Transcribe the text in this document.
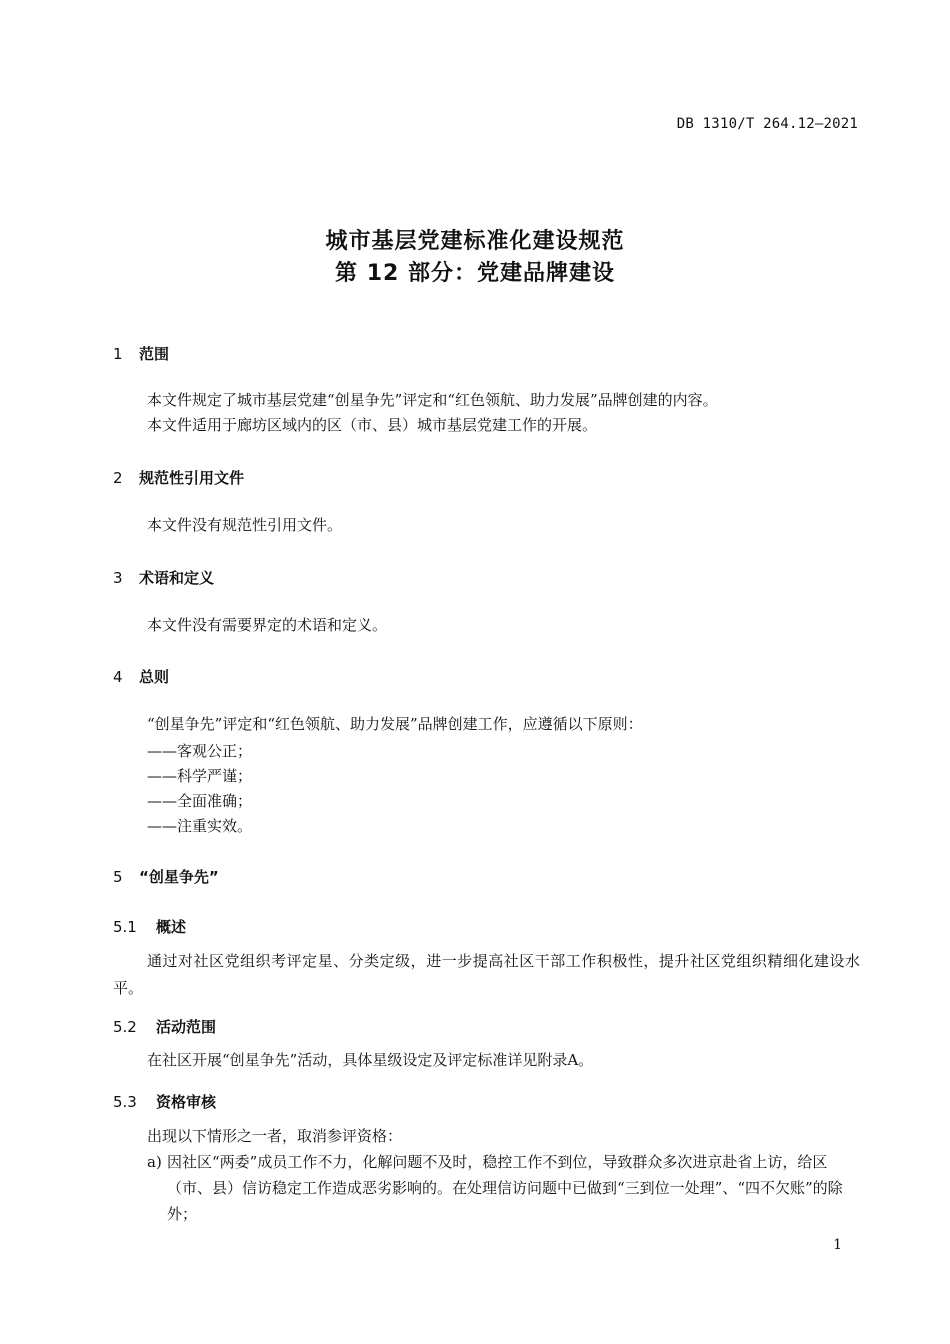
DB 1310/T 264.12—2021
城市基层党建标准化建设规范
第 12 部分：党建品牌建设
1 范围
本文件规定了城市基层党建“创星争先”评定和“红色领航、助力发展”品牌创建的内容。
本文件适用于廊坊区域内的区（市、县）城市基层党建工作的开展。
2 规范性引用文件
本文件没有规范性引用文件。
3 术语和定义
本文件没有需要界定的术语和定义。
4 总则
“创星争先”评定和“红色领航、助力发展”品牌创建工作，应遵循以下原则：
——客观公正；
——科学严谨；
——全面准确；
——注重实效。
5 “创星争先”
5.1 概述
通过对社区党组织考评定星、分类定级，进一步提高社区干部工作积极性，提升社区党组织精细化建设水平。
5.2 活动范围
在社区开展“创星争先”活动，具体星级设定及评定标准详见附录A。
5.3 资格审核
出现以下情形之一者，取消参评资格：
a) 因社区“两委”成员工作不力，化解问题不及时，稳控工作不到位，导致群众多次进京赴省上访，给区（市、县）信访稳定工作造成恶劣影响的。在处理信访问题中已做到“三到位一处理”、“四不欠账”的除外；
1
